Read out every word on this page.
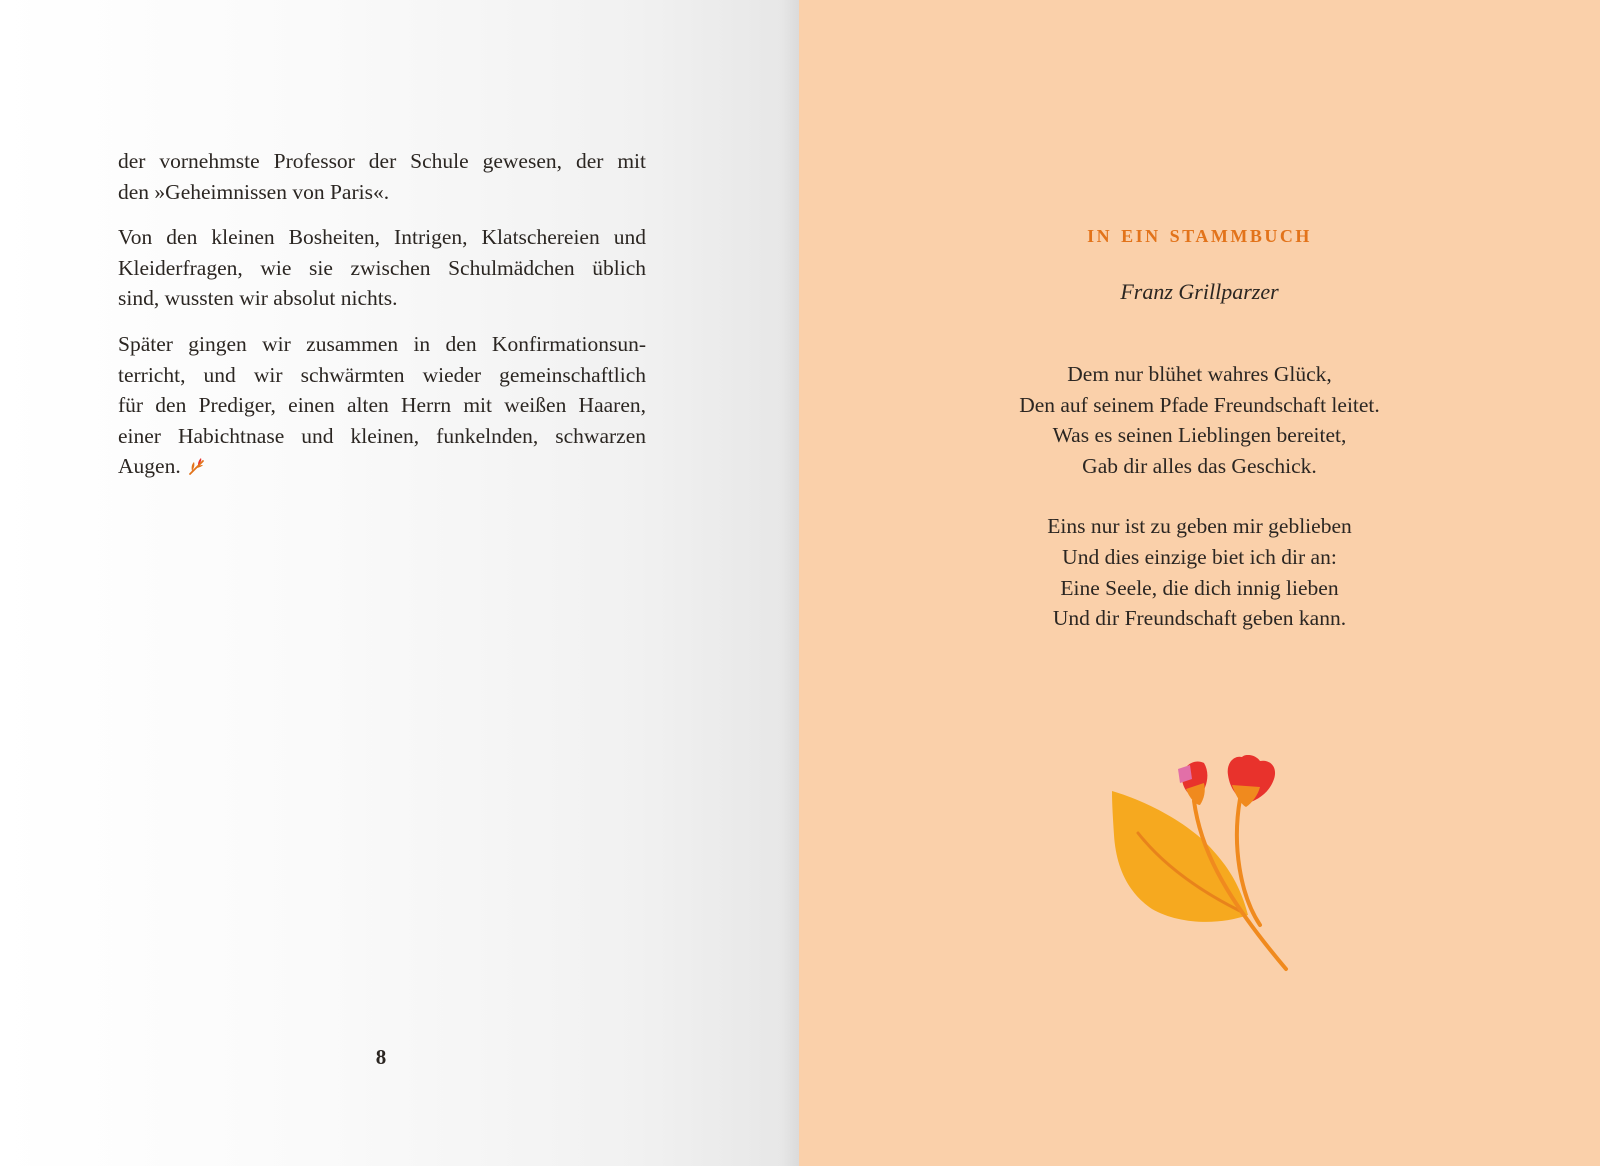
der vornehmste Professor der Schule gewesen, der mit
den »Geheimnissen von Paris«.

Von den kleinen Bosheiten, Intrigen, Klatschereien und
Kleiderfragen, wie sie zwischen Schulmädchen üblich
sind, wussten wir absolut nichts.

Später gingen wir zusammen in den Konfirmationsun-
terricht, und wir schwärmten wieder gemeinschaftlich
für den Prediger, einen alten Herrn mit weißen Haaren,
einer Habichtnase und kleinen, funkelnden, schwarzen
Augen.

8
in ein stammbuch
Franz Grillparzer
Dem nur blühet wahres Glück,
Den auf seinem Pfade Freundschaft leitet.
Was es seinen Lieblingen bereitet,
Gab dir alles das Geschick.
Eins nur ist zu geben mir geblieben
Und dies einzige biet ich dir an:
Eine Seele, die dich innig lieben
Und dir Freundschaft geben kann.
